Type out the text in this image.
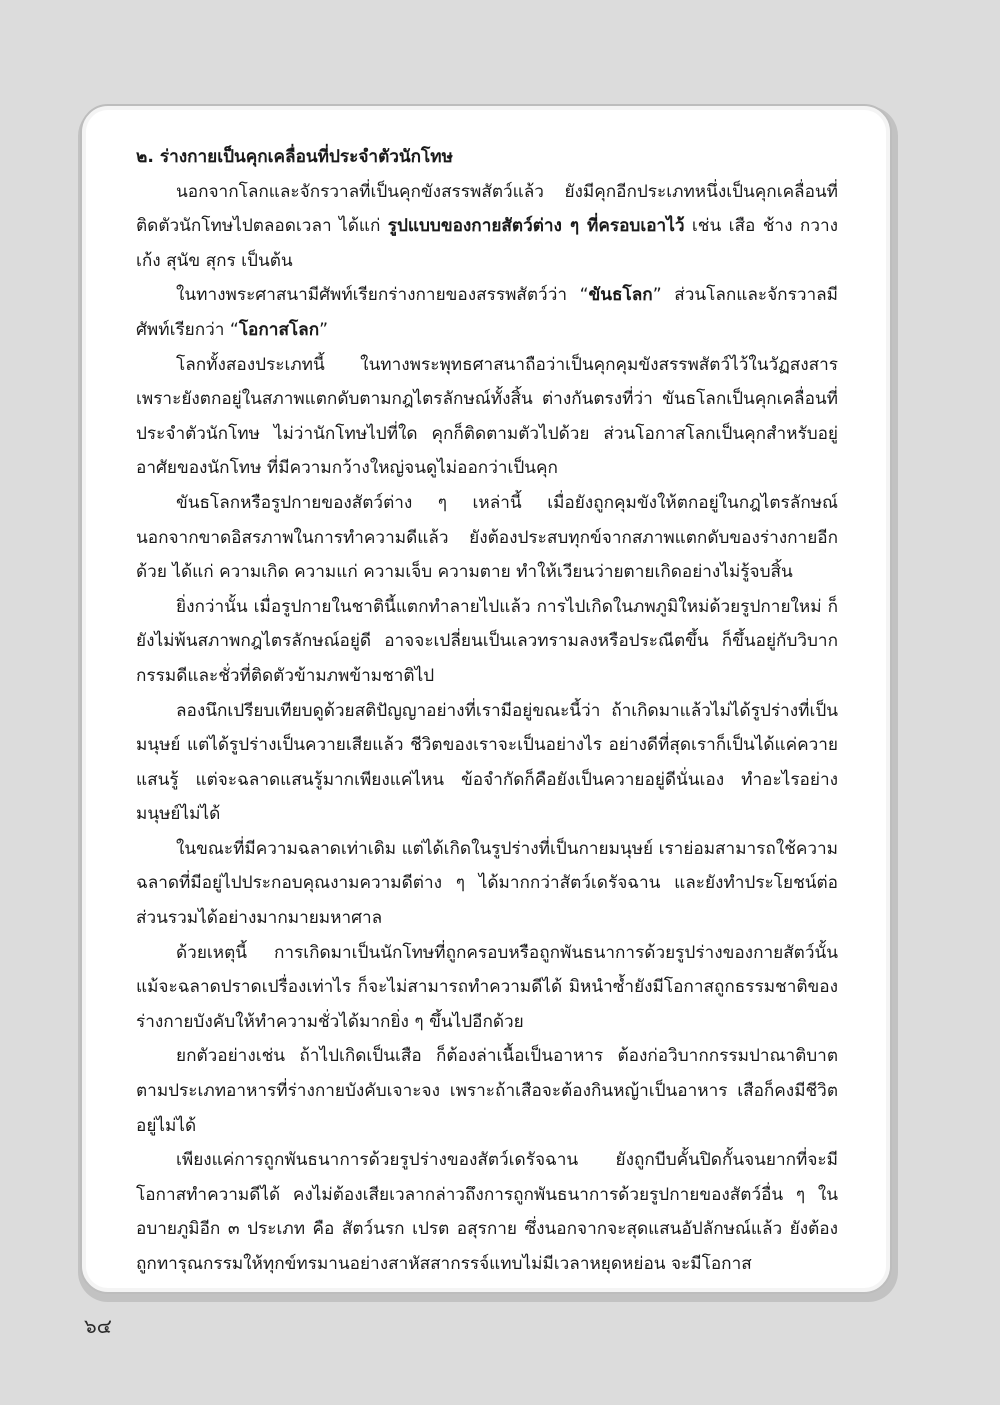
๒. ร่างกายเป็นคุกเคลื่อนที่ประจำตัวนักโทษ

นอกจากโลกและจักรวาลที่เป็นคุกขังสรรพสัตว์แล้ว ยังมีคุกอีกประเภทหนึ่งเป็นคุกเคลื่อนที่ติดตัวนักโทษไปตลอดเวลา ได้แก่ รูปแบบของกายสัตว์ต่าง ๆ ที่ครอบเอาไว้ เช่น เสือ ช้าง กวาง เก้ง สุนัข สุกร เป็นต้น

ในทางพระศาสนามีศัพท์เรียกร่างกายของสรรพสัตว์ว่า “ขันธโลก” ส่วนโลกและจักรวาลมีศัพท์เรียกว่า “โอกาสโลก”

โลกทั้งสองประเภทนี้ ในทางพระพุทธศาสนาถือว่าเป็นคุกคุมขังสรรพสัตว์ไว้ในวัฏสงสาร เพราะยังตกอยู่ในสภาพแตกดับตามกฎไตรลักษณ์ทั้งสิ้น ต่างกันตรงที่ว่า ขันธโลกเป็นคุกเคลื่อนที่ประจำตัวนักโทษ ไม่ว่านักโทษไปที่ใด คุกก็ติดตามตัวไปด้วย ส่วนโอกาสโลกเป็นคุกสำหรับอยู่อาศัยของนักโทษ ที่มีความกว้างใหญ่จนดูไม่ออกว่าเป็นคุก

ขันธโลกหรือรูปกายของสัตว์ต่าง ๆ เหล่านี้ เมื่อยังถูกคุมขังให้ตกอยู่ในกฎไตรลักษณ์ นอกจากขาดอิสรภาพในการทำความดีแล้ว ยังต้องประสบทุกข์จากสภาพแตกดับของร่างกายอีกด้วย ได้แก่ ความเกิด ความแก่ ความเจ็บ ความตาย ทำให้เวียนว่ายตายเกิดอย่างไม่รู้จบสิ้น

ยิ่งกว่านั้น เมื่อรูปกายในชาตินี้แตกทำลายไปแล้ว การไปเกิดในภพภูมิใหม่ด้วยรูปกายใหม่ ก็ยังไม่พ้นสภาพกฎไตรลักษณ์อยู่ดี อาจจะเปลี่ยนเป็นเลวทรามลงหรือประณีตขึ้น ก็ขึ้นอยู่กับวิบากกรรมดีและชั่วที่ติดตัวข้ามภพข้ามชาติไป

ลองนึกเปรียบเทียบดูด้วยสติปัญญาอย่างที่เรามีอยู่ขณะนี้ว่า ถ้าเกิดมาแล้วไม่ได้รูปร่างที่เป็นมนุษย์ แต่ได้รูปร่างเป็นควายเสียแล้ว ชีวิตของเราจะเป็นอย่างไร อย่างดีที่สุดเราก็เป็นได้แค่ควายแสนรู้ แต่จะฉลาดแสนรู้มากเพียงแค่ไหน ข้อจำกัดก็คือยังเป็นควายอยู่ดีนั่นเอง ทำอะไรอย่างมนุษย์ไม่ได้

ในขณะที่มีความฉลาดเท่าเดิม แต่ได้เกิดในรูปร่างที่เป็นกายมนุษย์ เราย่อมสามารถใช้ความฉลาดที่มีอยู่ไปประกอบคุณงามความดีต่าง ๆ ได้มากกว่าสัตว์เดรัจฉาน และยังทำประโยชน์ต่อส่วนรวมได้อย่างมากมายมหาศาล

ด้วยเหตุนี้ การเกิดมาเป็นนักโทษที่ถูกครอบหรือถูกพันธนาการด้วยรูปร่างของกายสัตว์นั้น แม้จะฉลาดปราดเปรื่องเท่าไร ก็จะไม่สามารถทำความดีได้ มิหนำซ้ำยังมีโอกาสถูกธรรมชาติของร่างกายบังคับให้ทำความชั่วได้มากยิ่ง ๆ ขึ้นไปอีกด้วย

ยกตัวอย่างเช่น ถ้าไปเกิดเป็นเสือ ก็ต้องล่าเนื้อเป็นอาหาร ต้องก่อวิบากกรรมปาณาติบาต ตามประเภทอาหารที่ร่างกายบังคับเจาะจง เพราะถ้าเสือจะต้องกินหญ้าเป็นอาหาร เสือก็คงมีชีวิตอยู่ไม่ได้

เพียงแค่การถูกพันธนาการด้วยรูปร่างของสัตว์เดรัจฉาน ยังถูกบีบคั้นปิดกั้นจนยากที่จะมีโอกาสทำความดีได้ คงไม่ต้องเสียเวลากล่าวถึงการถูกพันธนาการด้วยรูปกายของสัตว์อื่น ๆ ในอบายภูมิอีก ๓ ประเภท คือ สัตว์นรก เปรต อสุรกาย ซึ่งนอกจากจะสุดแสนอัปลักษณ์แล้ว ยังต้องถูกทารุณกรรมให้ทุกข์ทรมานอย่างสาหัสสากรรจ์แทบไม่มีเวลาหยุดหย่อน จะมีโอกาส

๖๔
